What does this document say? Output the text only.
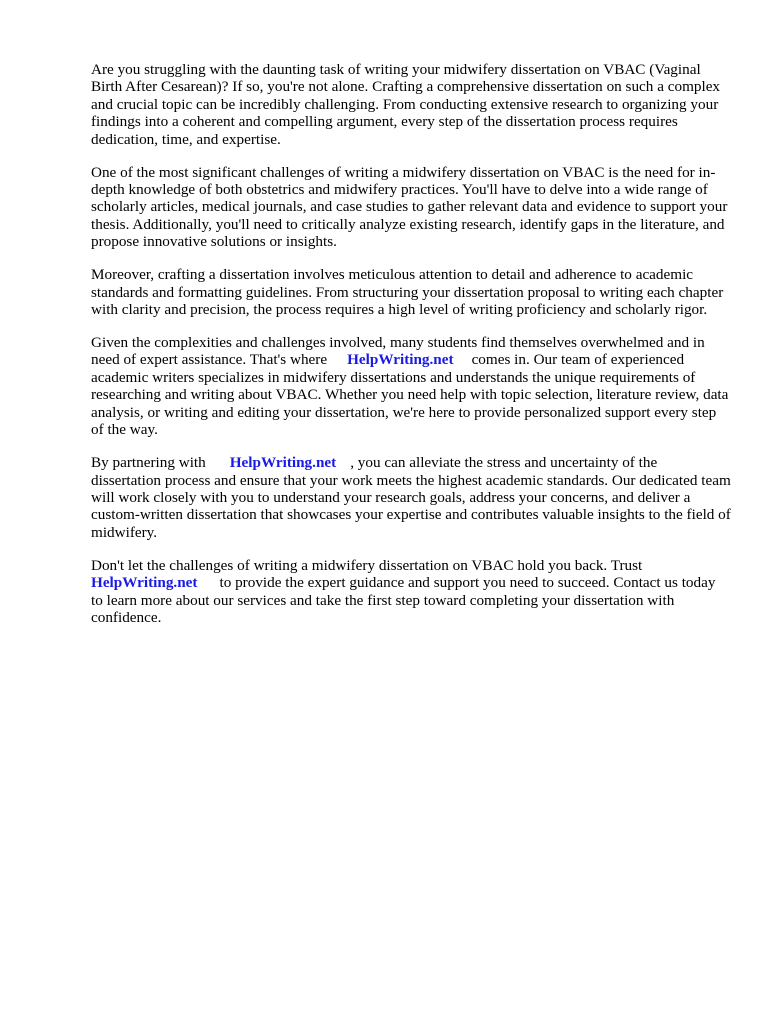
Are you struggling with the daunting task of writing your midwifery dissertation on VBAC (Vaginal Birth After Cesarean)? If so, you're not alone. Crafting a comprehensive dissertation on such a complex and crucial topic can be incredibly challenging. From conducting extensive research to organizing your findings into a coherent and compelling argument, every step of the dissertation process requires dedication, time, and expertise.

One of the most significant challenges of writing a midwifery dissertation on VBAC is the need for in-depth knowledge of both obstetrics and midwifery practices. You'll have to delve into a wide range of scholarly articles, medical journals, and case studies to gather relevant data and evidence to support your thesis. Additionally, you'll need to critically analyze existing research, identify gaps in the literature, and propose innovative solutions or insights.

Moreover, crafting a dissertation involves meticulous attention to detail and adherence to academic standards and formatting guidelines. From structuring your dissertation proposal to writing each chapter with clarity and precision, the process requires a high level of writing proficiency and scholarly rigor.

Given the complexities and challenges involved, many students find themselves overwhelmed and in need of expert assistance. That's where HelpWriting.net comes in. Our team of experienced academic writers specializes in midwifery dissertations and understands the unique requirements of researching and writing about VBAC. Whether you need help with topic selection, literature review, data analysis, or writing and editing your dissertation, we're here to provide personalized support every step of the way.

By partnering with HelpWriting.net , you can alleviate the stress and uncertainty of the dissertation process and ensure that your work meets the highest academic standards. Our dedicated team will work closely with you to understand your research goals, address your concerns, and deliver a custom-written dissertation that showcases your expertise and contributes valuable insights to the field of midwifery.

Don't let the challenges of writing a midwifery dissertation on VBAC hold you back. Trust HelpWriting.net to provide the expert guidance and support you need to succeed. Contact us today to learn more about our services and take the first step toward completing your dissertation with confidence.
